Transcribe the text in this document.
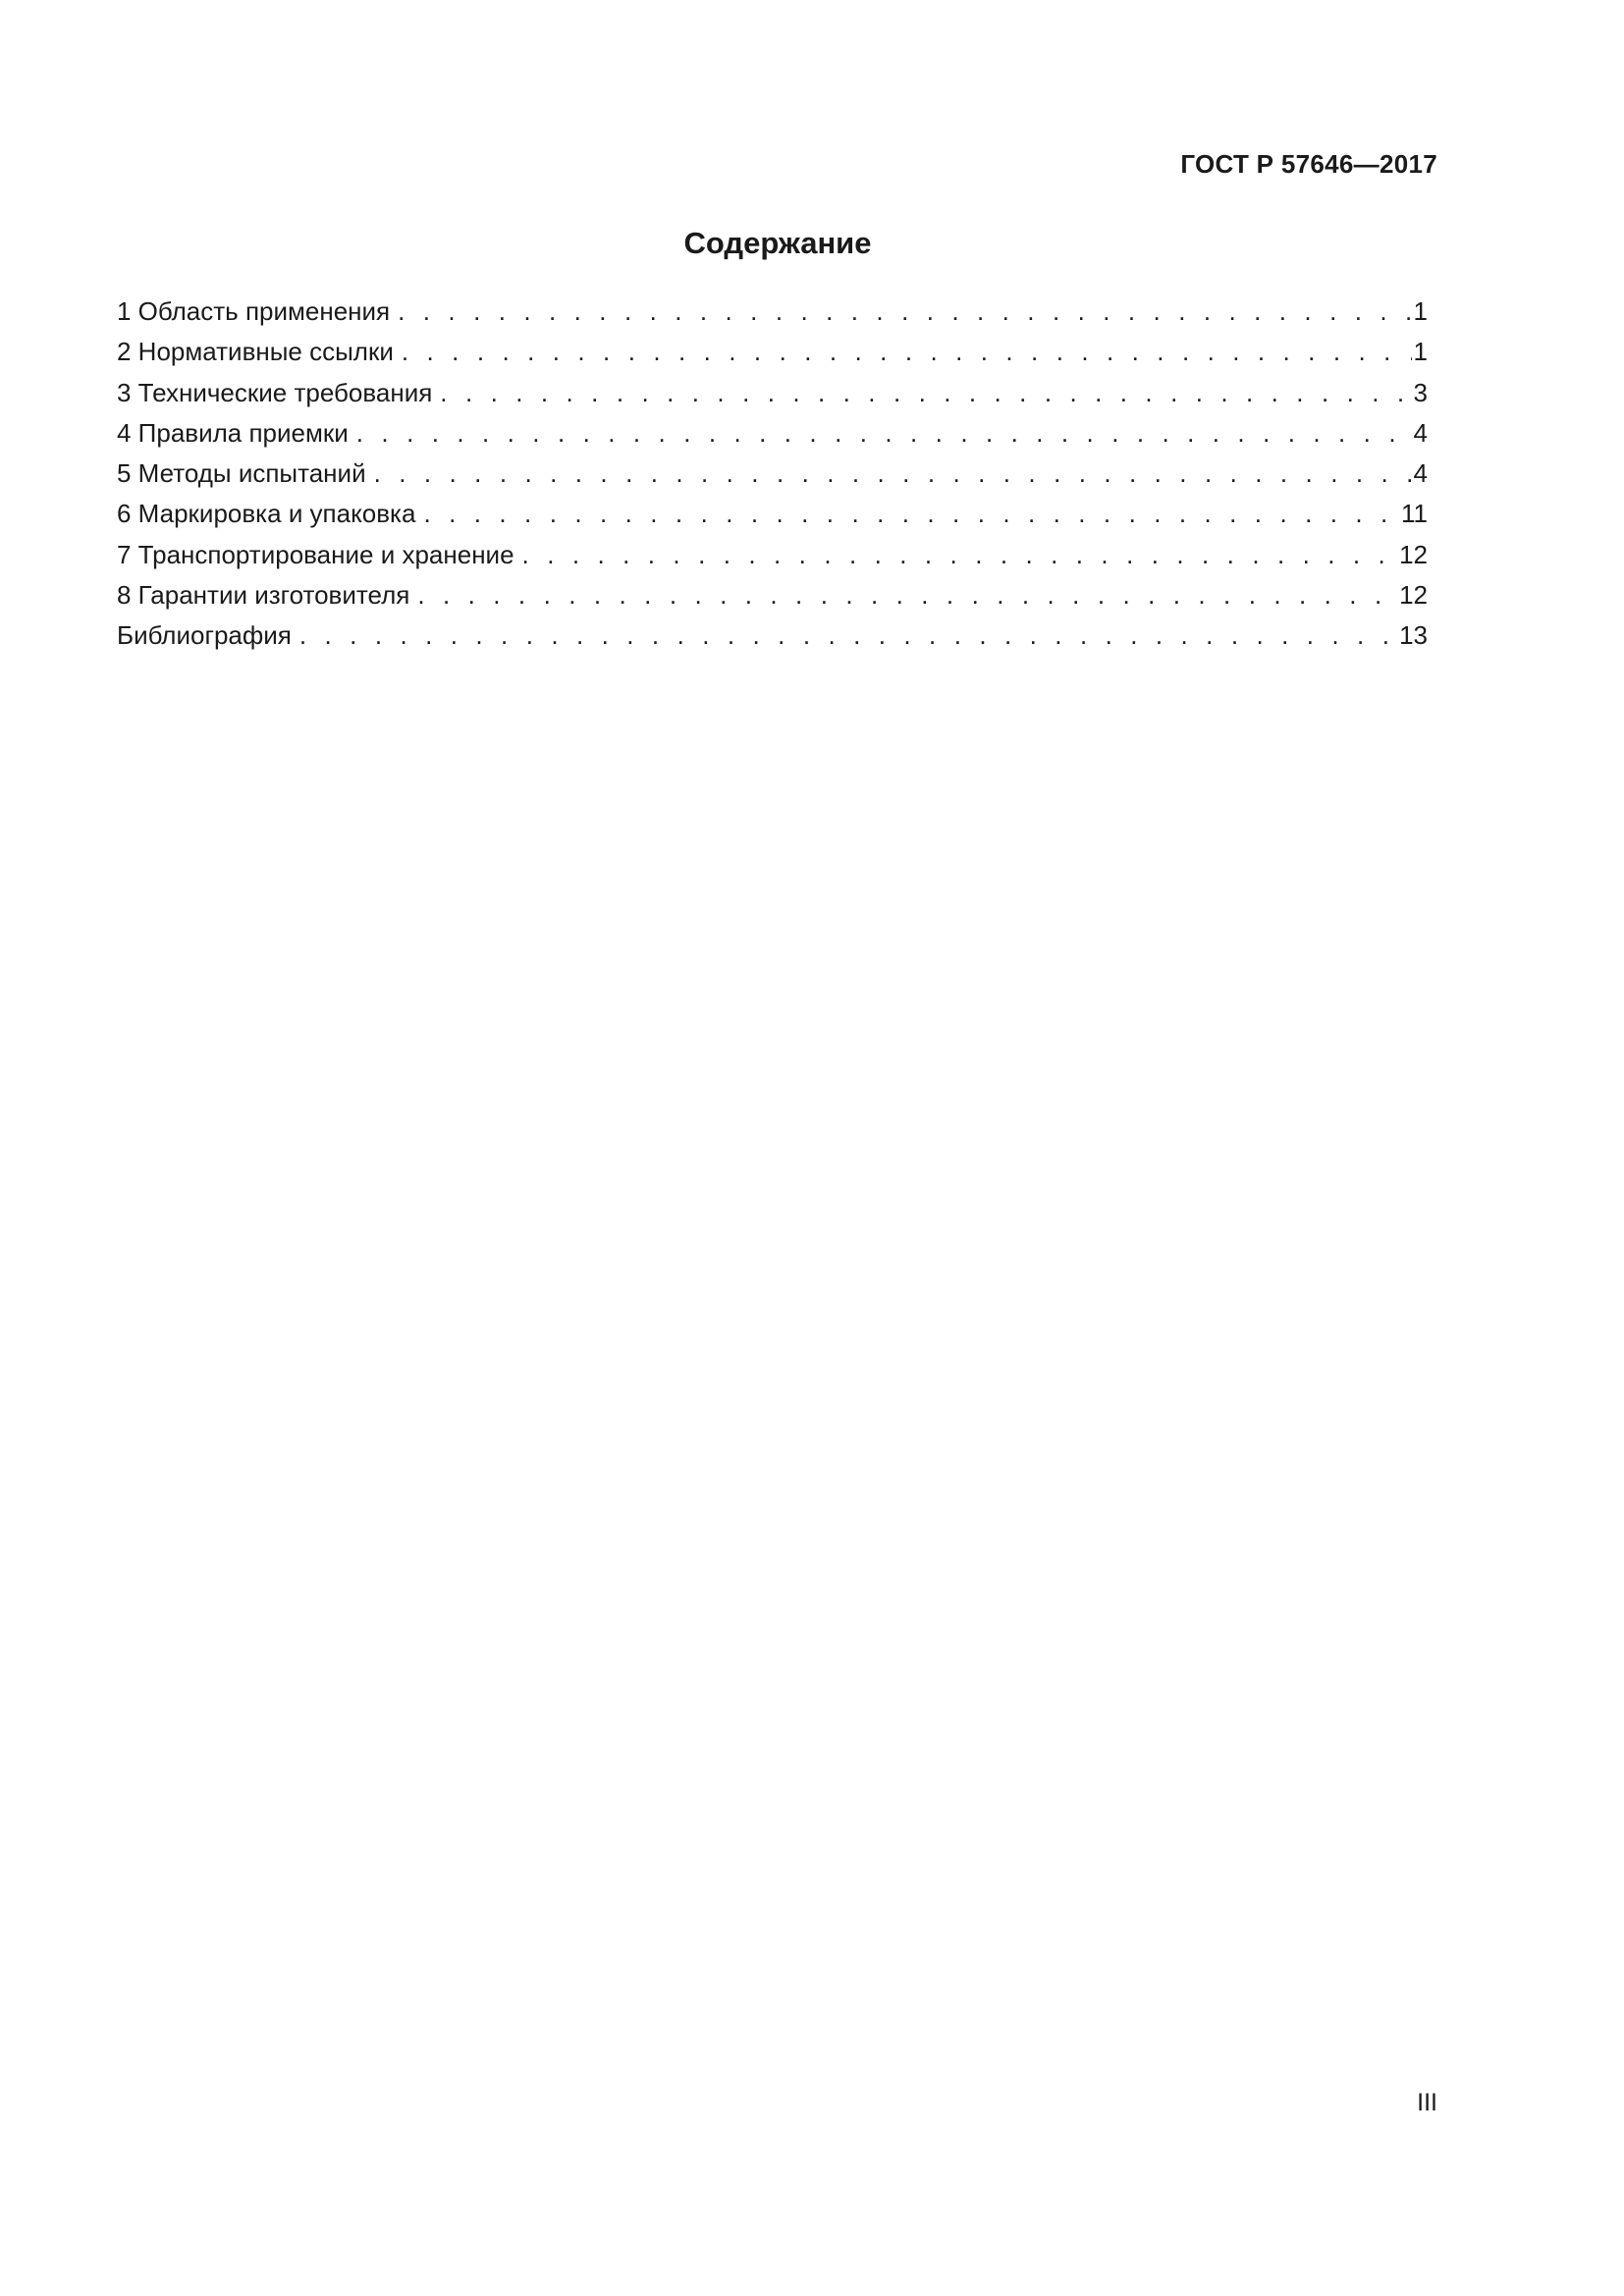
ГОСТ Р 57646—2017
Содержание
1 Область применения . . .	1
2 Нормативные ссылки . . .	1
3 Технические требования . . .	3
4 Правила приемки . . .	4
5 Методы испытаний . . .	4
6 Маркировка и упаковка . . .	11
7 Транспортирование и хранение . . .	12
8 Гарантии изготовителя . . .	12
Библиография . . .	13
III
